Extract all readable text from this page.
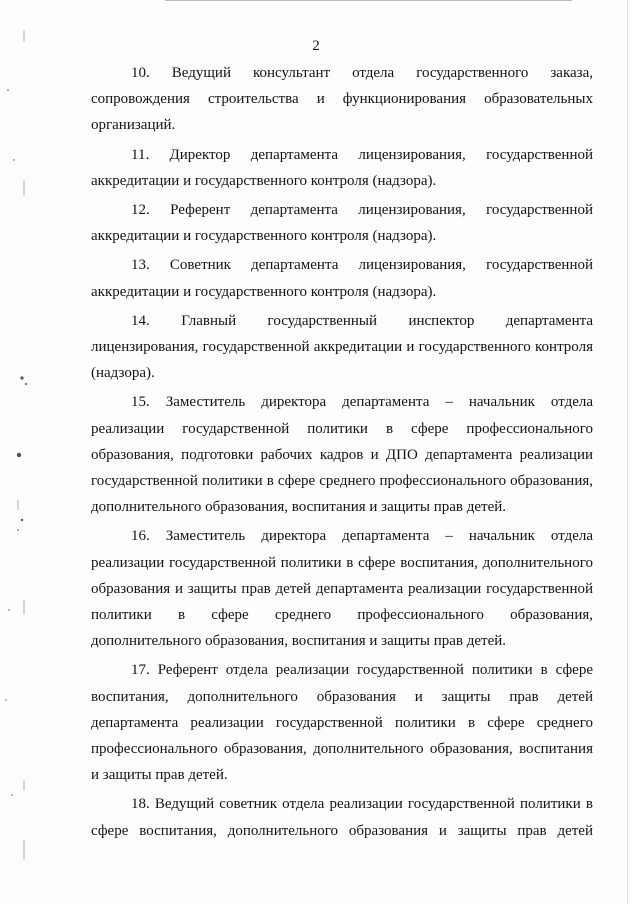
2

10. Ведущий консультант отдела государственного заказа, сопровождения строительства и функционирования образовательных организаций.

11. Директор департамента лицензирования, государственной аккредитации и государственного контроля (надзора).

12. Референт департамента лицензирования, государственной аккредитации и государственного контроля (надзора).

13. Советник департамента лицензирования, государственной аккредитации и государственного контроля (надзора).

14. Главный государственный инспектор департамента лицензирования, государственной аккредитации и государственного контроля (надзора).

15. Заместитель директора департамента – начальник отдела реализации государственной политики в сфере профессионального образования, подготовки рабочих кадров и ДПО департамента реализации государственной политики в сфере среднего профессионального образования, дополнительного образования, воспитания и защиты прав детей.

16. Заместитель директора департамента – начальник отдела реализации государственной политики в сфере воспитания, дополнительного образования и защиты прав детей департамента реализации государственной политики в сфере среднего профессионального образования, дополнительного образования, воспитания и защиты прав детей.

17. Референт отдела реализации государственной политики в сфере воспитания, дополнительного образования и защиты прав детей департамента реализации государственной политики в сфере среднего профессионального образования, дополнительного образования, воспитания и защиты прав детей.

18. Ведущий советник отдела реализации государственной политики в сфере воспитания, дополнительного образования и защиты прав детей
